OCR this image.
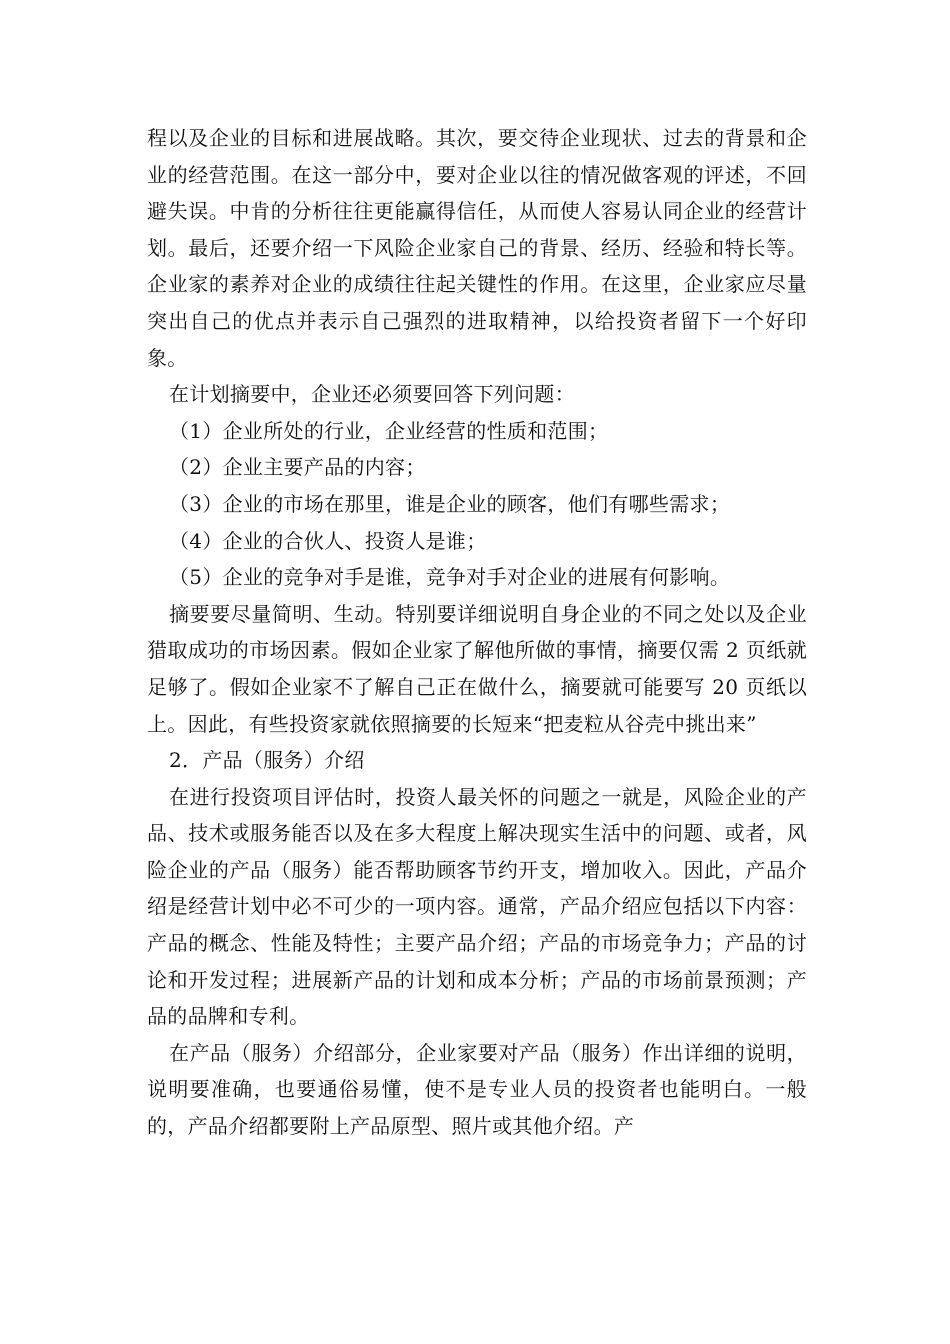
程以及企业的目标和进展战略。其次，要交待企业现状、过去的背景和企业的经营范围。在这一部分中，要对企业以往的情况做客观的评述，不回避失误。中肯的分析往往更能赢得信任，从而使人容易认同企业的经营计划。最后，还要介绍一下风险企业家自己的背景、经历、经验和特长等。企业家的素养对企业的成绩往往起关键性的作用。在这里，企业家应尽量突出自己的优点并表示自己强烈的进取精神，以给投资者留下一个好印象。

在计划摘要中，企业还必须要回答下列问题：

（1）企业所处的行业，企业经营的性质和范围；

（2）企业主要产品的内容；

（3）企业的市场在那里，谁是企业的顾客，他们有哪些需求；

（4）企业的合伙人、投资人是谁；

（5）企业的竞争对手是谁，竞争对手对企业的进展有何影响。

摘要要尽量简明、生动。特别要详细说明自身企业的不同之处以及企业猎取成功的市场因素。假如企业家了解他所做的事情，摘要仅需 2 页纸就足够了。假如企业家不了解自己正在做什么，摘要就可能要写 20 页纸以上。因此，有些投资家就依照摘要的长短来“把麦粒从谷壳中挑出来”

2．产品（服务）介绍

在进行投资项目评估时，投资人最关怀的问题之一就是，风险企业的产品、技术或服务能否以及在多大程度上解决现实生活中的问题、或者，风险企业的产品（服务）能否帮助顾客节约开支，增加收入。因此，产品介绍是经营计划中必不可少的一项内容。通常，产品介绍应包括以下内容：产品的概念、性能及特性；主要产品介绍；产品的市场竞争力；产品的讨论和开发过程；进展新产品的计划和成本分析；产品的市场前景预测；产品的品牌和专利。

在产品（服务）介绍部分，企业家要对产品（服务）作出详细的说明，说明要准确，也要通俗易懂，使不是专业人员的投资者也能明白。一般的，产品介绍都要附上产品原型、照片或其他介绍。产
